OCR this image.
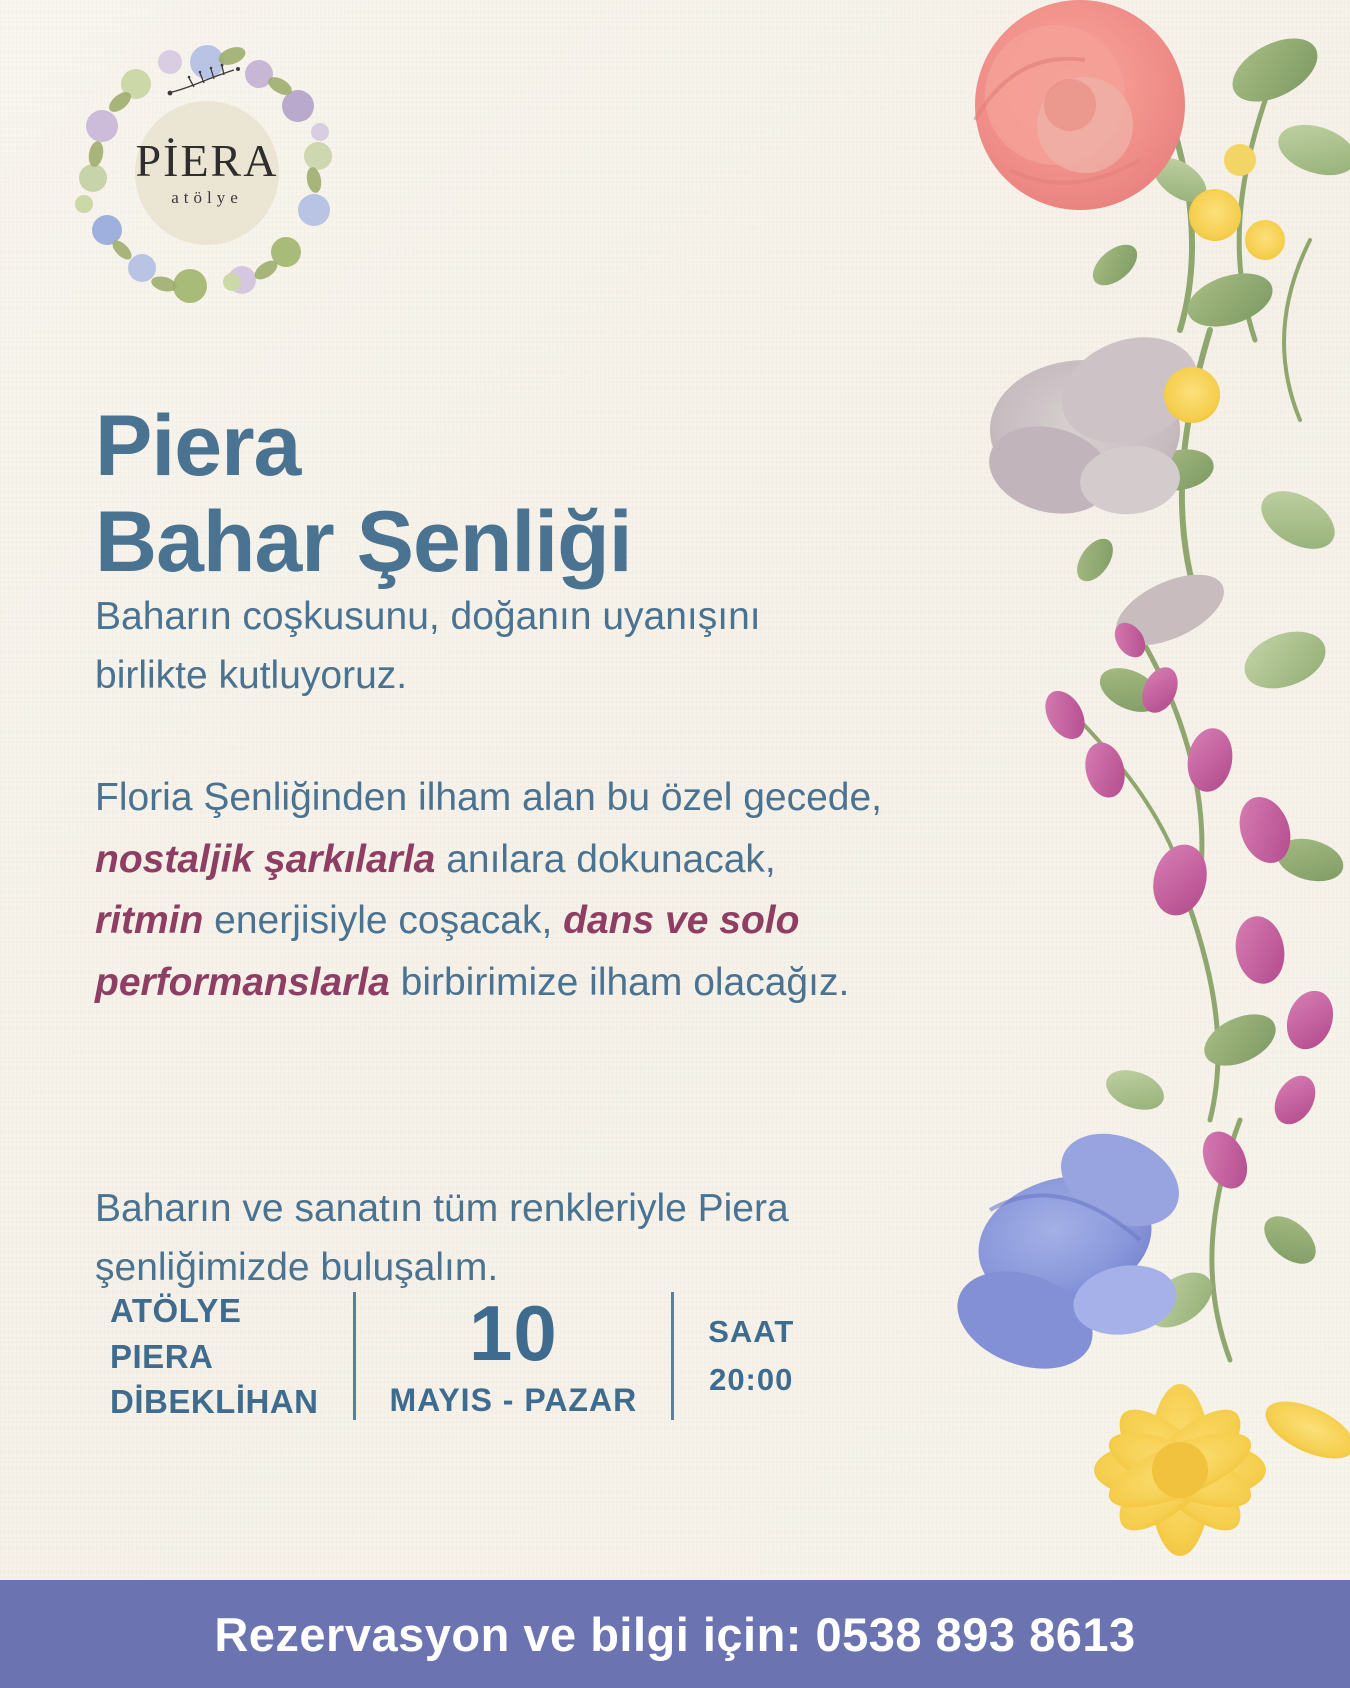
PİERA
atölye
Piera
Bahar Şenliği

Baharın coşkusunu, doğanın uyanışını birlikte kutluyoruz.

Floria Şenliğinden ilham alan bu özel gecede, nostaljik şarkılarla anılara dokunacak, ritmin enerjisiyle coşacak, dans ve solo performanslarla birbirimize ilham olacağız.

Baharın ve sanatın tüm renkleriyle Piera şenliğimizde buluşalım.

ATÖLYE
PIERA
DİBEKLİHAN
10
MAYIS - PAZAR
SAAT
20:00
Rezervasyon ve bilgi için: 0538 893 8613
